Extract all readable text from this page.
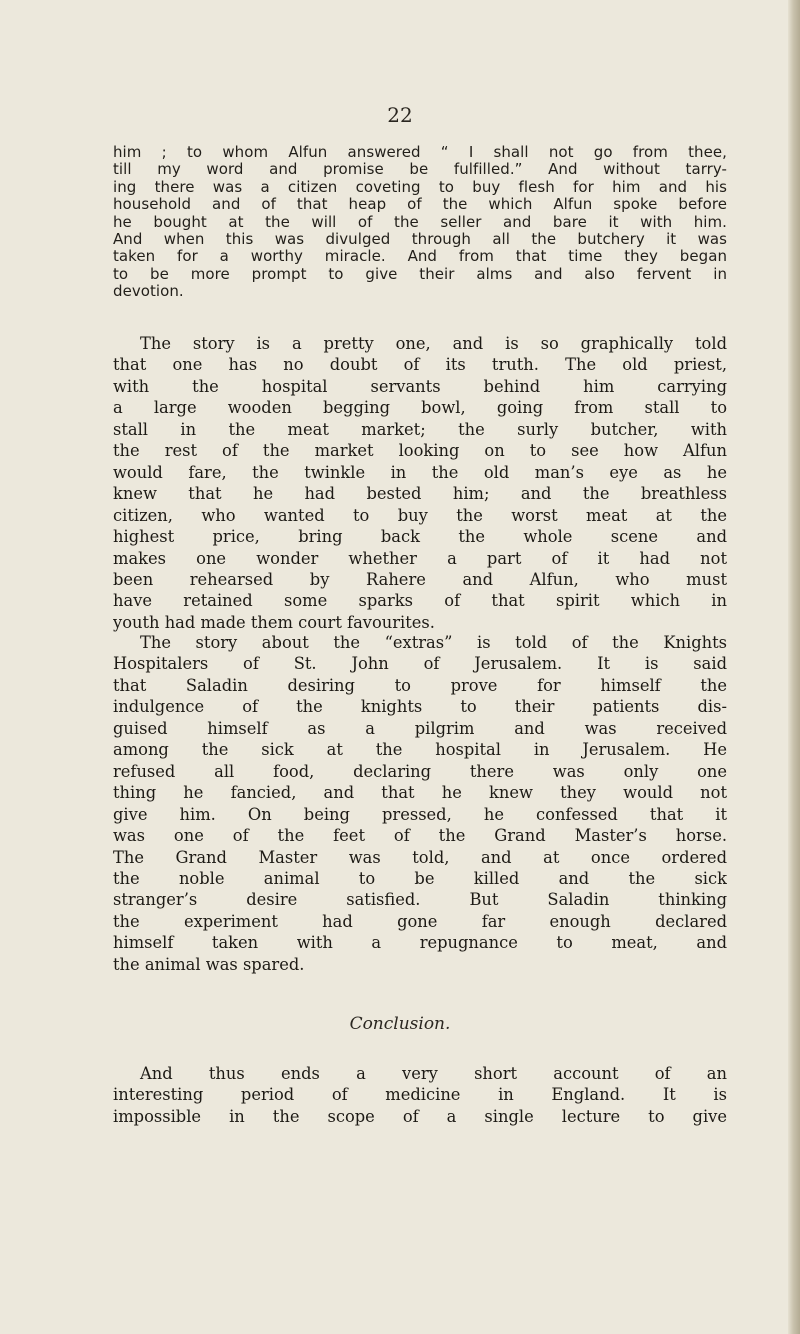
22

him ; to whom Alfun answered “ I shall not go from thee,
till my word and promise be fulfilled.” And without tarry-
ing there was a citizen coveting to buy flesh for him and his
household and of that heap of the which Alfun spoke before
he bought at the will of the seller and bare it with him.
And when this was divulged through all the butchery it was
taken for a worthy miracle. And from that time they began
to be more prompt to give their alms and also fervent in
devotion.
The story is a pretty one, and is so graphically told
that one has no doubt of its truth. The old priest,
with the hospital servants behind him carrying
a large wooden begging bowl, going from stall to
stall in the meat market; the surly butcher, with
the rest of the market looking on to see how Alfun
would fare, the twinkle in the old man’s eye as he
knew that he had bested him; and the breathless
citizen, who wanted to buy the worst meat at the
highest price, bring back the whole scene and
makes one wonder whether a part of it had not
been rehearsed by Rahere and Alfun, who must
have retained some sparks of that spirit which in
youth had made them court favourites.
The story about the “extras” is told of the Knights
Hospitalers of St. John of Jerusalem. It is said
that Saladin desiring to prove for himself the
indulgence of the knights to their patients dis-
guised himself as a pilgrim and was received
among the sick at the hospital in Jerusalem. He
refused all food, declaring there was only one
thing he fancied, and that he knew they would not
give him. On being pressed, he confessed that it
was one of the feet of the Grand Master’s horse.
The Grand Master was told, and at once ordered
the noble animal to be killed and the sick
stranger’s desire satisfied. But Saladin thinking
the experiment had gone far enough declared
himself taken with a repugnance to meat, and
the animal was spared.

Conclusion.

And thus ends a very short account of an
interesting period of medicine in England. It is
impossible in the scope of a single lecture to give
